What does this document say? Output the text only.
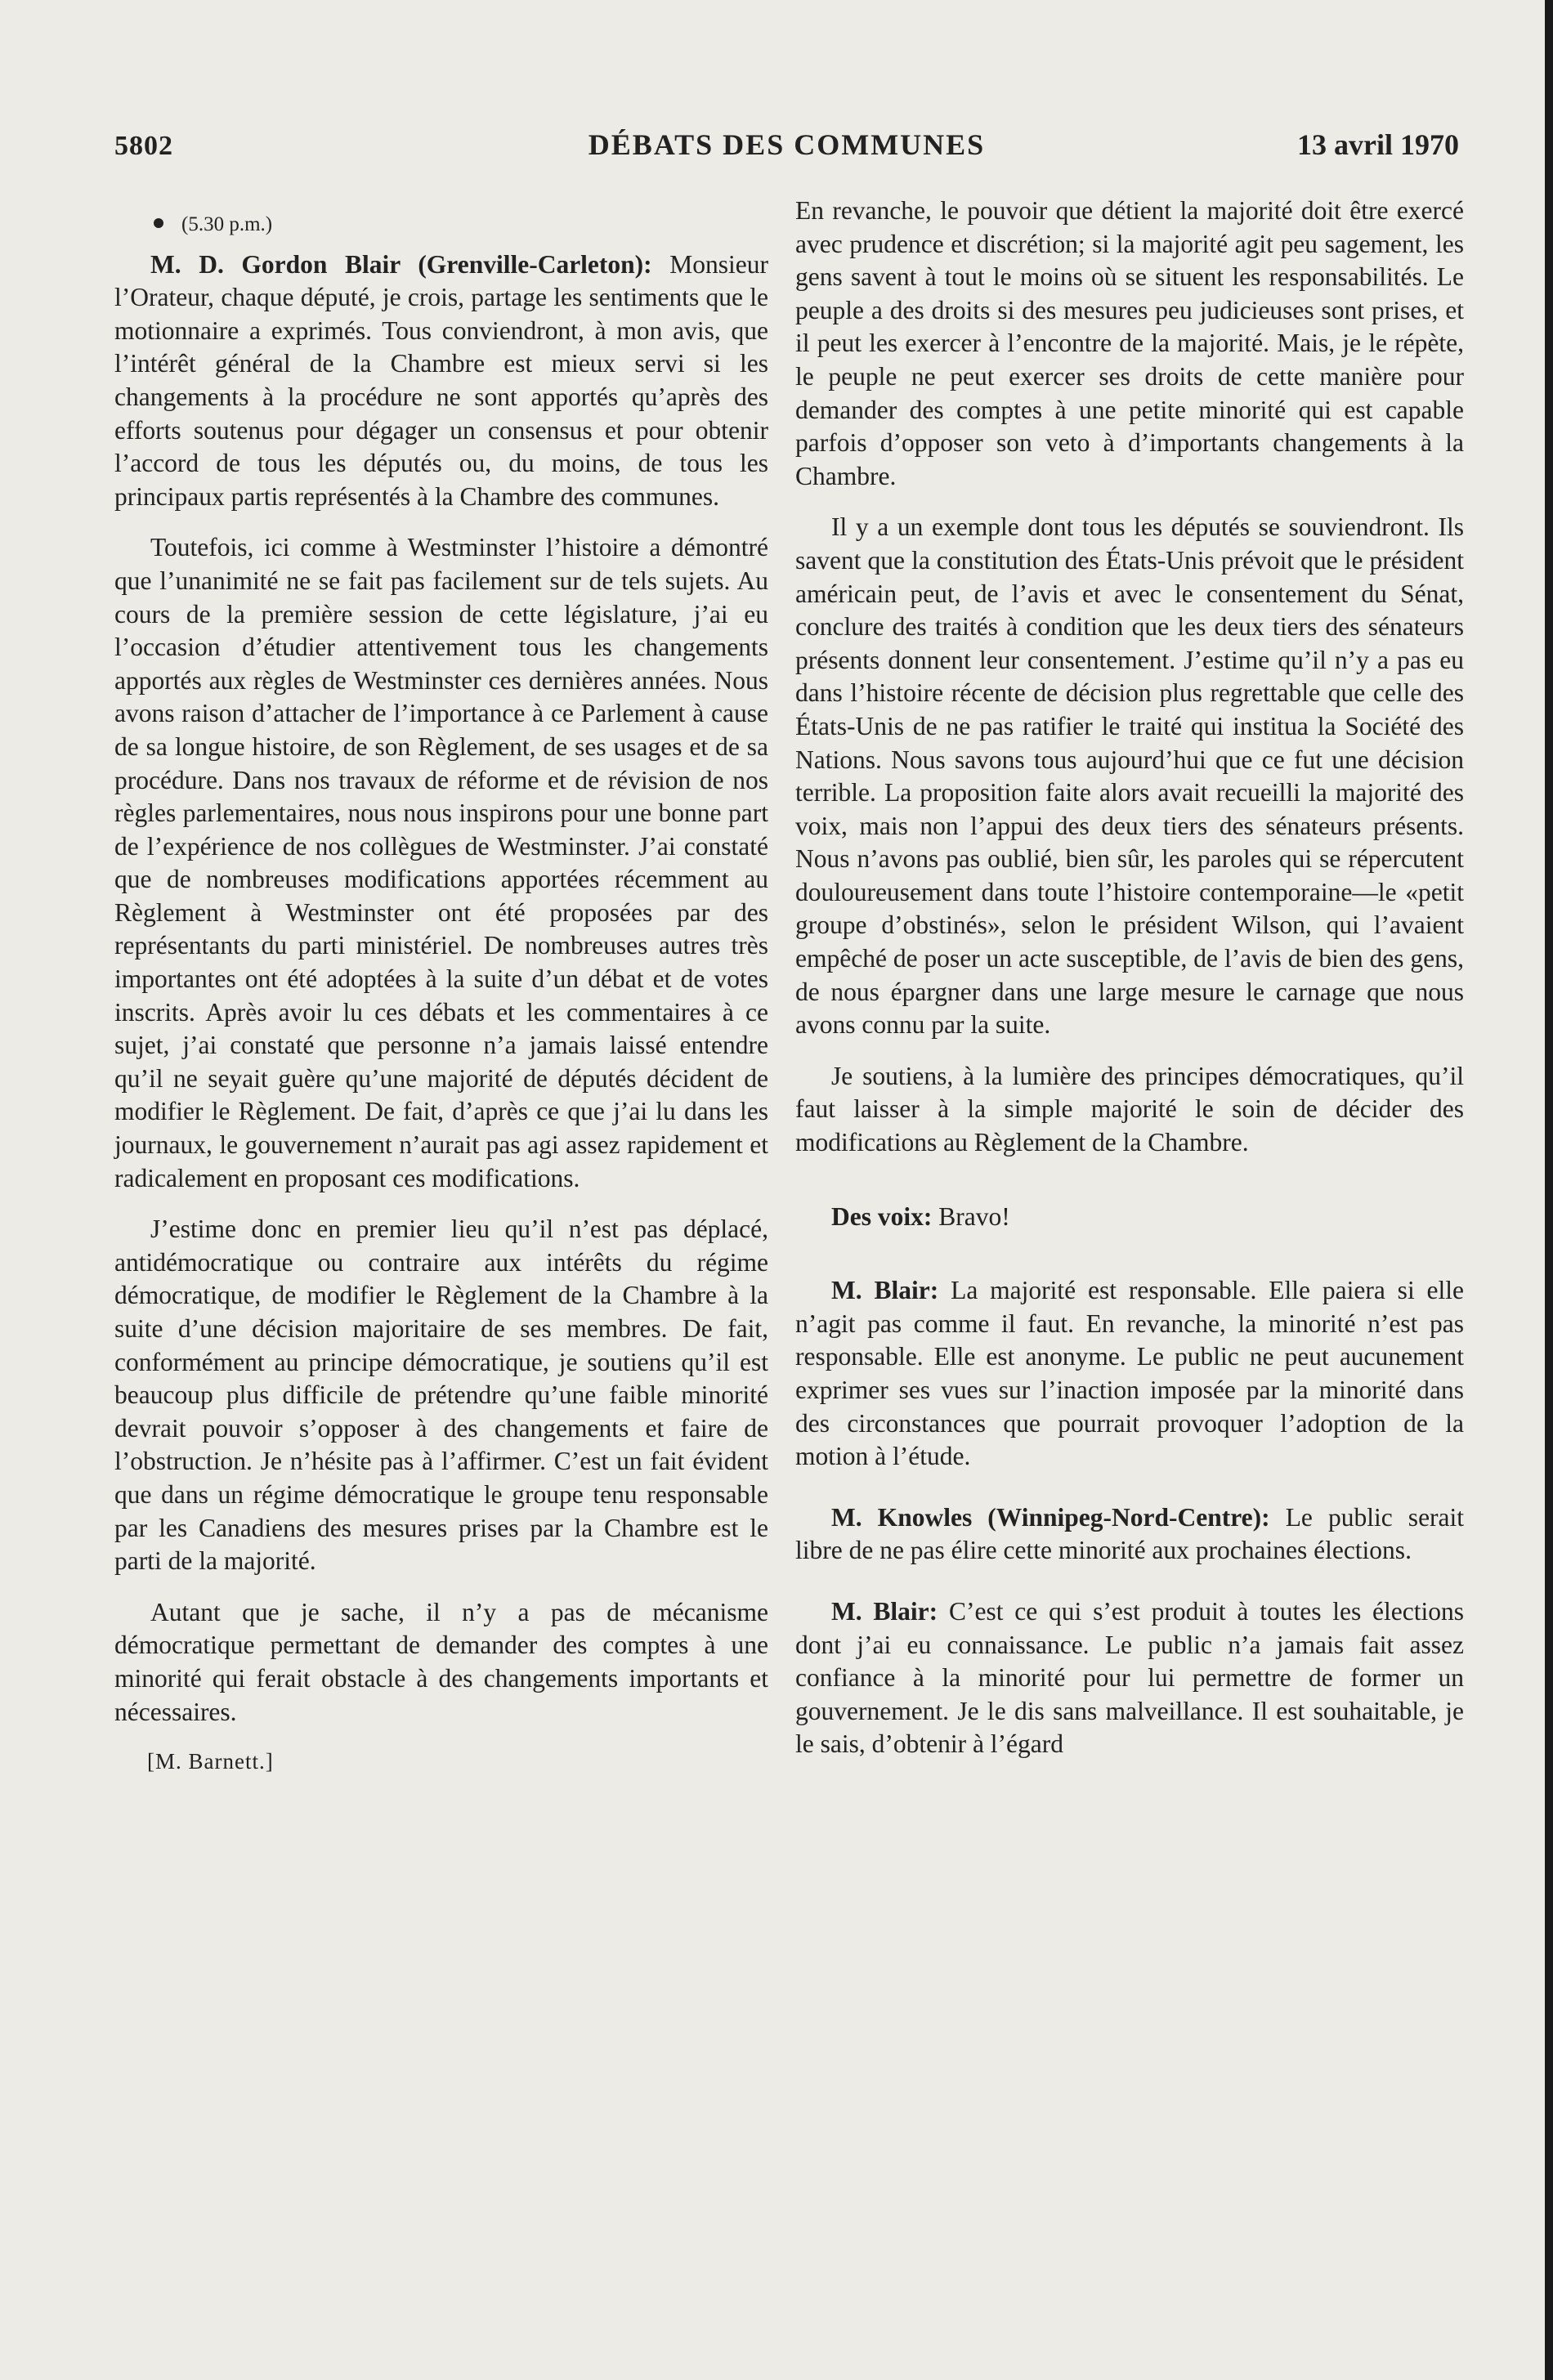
5802	DÉBATS DES COMMUNES	13 avril 1970

(5.30 p.m.)

M. D. Gordon Blair (Grenville-Carleton): Monsieur l’Orateur, chaque député, je crois, partage les sentiments que le motionnaire a exprimés. Tous conviendront, à mon avis, que l’intérêt général de la Chambre est mieux servi si les changements à la procédure ne sont apportés qu’après des efforts soutenus pour dégager un consensus et pour obtenir l’accord de tous les députés ou, du moins, de tous les principaux partis représentés à la Chambre des communes.

Toutefois, ici comme à Westminster l’histoire a démontré que l’unanimité ne se fait pas facilement sur de tels sujets. Au cours de la première session de cette législature, j’ai eu l’occasion d’étudier attentivement tous les changements apportés aux règles de Westminster ces dernières années. Nous avons raison d’attacher de l’importance à ce Parlement à cause de sa longue histoire, de son Règlement, de ses usages et de sa procédure. Dans nos travaux de réforme et de révision de nos règles parlementaires, nous nous inspirons pour une bonne part de l’expérience de nos collègues de Westminster. J’ai constaté que de nombreuses modifications apportées récemment au Règlement à Westminster ont été proposées par des représentants du parti ministériel. De nombreuses autres très importantes ont été adoptées à la suite d’un débat et de votes inscrits. Après avoir lu ces débats et les commentaires à ce sujet, j’ai constaté que personne n’a jamais laissé entendre qu’il ne seyait guère qu’une majorité de députés décident de modifier le Règlement. De fait, d’après ce que j’ai lu dans les journaux, le gouvernement n’aurait pas agi assez rapidement et radicalement en proposant ces modifications.

J’estime donc en premier lieu qu’il n’est pas déplacé, antidémocratique ou contraire aux intérêts du régime démocratique, de modifier le Règlement de la Chambre à la suite d’une décision majoritaire de ses membres. De fait, conformément au principe démocratique, je soutiens qu’il est beaucoup plus difficile de prétendre qu’une faible minorité devrait pouvoir s’opposer à des changements et faire de l’obstruction. Je n’hésite pas à l’affirmer. C’est un fait évident que dans un régime démocratique le groupe tenu responsable par les Canadiens des mesures prises par la Chambre est le parti de la majorité.

Autant que je sache, il n’y a pas de mécanisme démocratique permettant de demander des comptes à une minorité qui ferait obstacle à des changements importants et nécessaires.

[M. Barnett.]

En revanche, le pouvoir que détient la majorité doit être exercé avec prudence et discrétion; si la majorité agit peu sagement, les gens savent à tout le moins où se situent les responsabilités. Le peuple a des droits si des mesures peu judicieuses sont prises, et il peut les exercer à l’encontre de la majorité. Mais, je le répète, le peuple ne peut exercer ses droits de cette manière pour demander des comptes à une petite minorité qui est capable parfois d’opposer son veto à d’importants changements à la Chambre.

Il y a un exemple dont tous les députés se souviendront. Ils savent que la constitution des États-Unis prévoit que le président américain peut, de l’avis et avec le consentement du Sénat, conclure des traités à condition que les deux tiers des sénateurs présents donnent leur consentement. J’estime qu’il n’y a pas eu dans l’histoire récente de décision plus regrettable que celle des États-Unis de ne pas ratifier le traité qui institua la Société des Nations. Nous savons tous aujourd’hui que ce fut une décision terrible. La proposition faite alors avait recueilli la majorité des voix, mais non l’appui des deux tiers des sénateurs présents. Nous n’avons pas oublié, bien sûr, les paroles qui se répercutent douloureusement dans toute l’histoire contemporaine—le «petit groupe d’obstinés», selon le président Wilson, qui l’avaient empêché de poser un acte susceptible, de l’avis de bien des gens, de nous épargner dans une large mesure le carnage que nous avons connu par la suite.

Je soutiens, à la lumière des principes démocratiques, qu’il faut laisser à la simple majorité le soin de décider des modifications au Règlement de la Chambre.

Des voix: Bravo!

M. Blair: La majorité est responsable. Elle paiera si elle n’agit pas comme il faut. En revanche, la minorité n’est pas responsable. Elle est anonyme. Le public ne peut aucunement exprimer ses vues sur l’inaction imposée par la minorité dans des circonstances que pourrait provoquer l’adoption de la motion à l’étude.

M. Knowles (Winnipeg-Nord-Centre): Le public serait libre de ne pas élire cette minorité aux prochaines élections.

M. Blair: C’est ce qui s’est produit à toutes les élections dont j’ai eu connaissance. Le public n’a jamais fait assez confiance à la minorité pour lui permettre de former un gouvernement. Je le dis sans malveillance. Il est souhaitable, je le sais, d’obtenir à l’égard
